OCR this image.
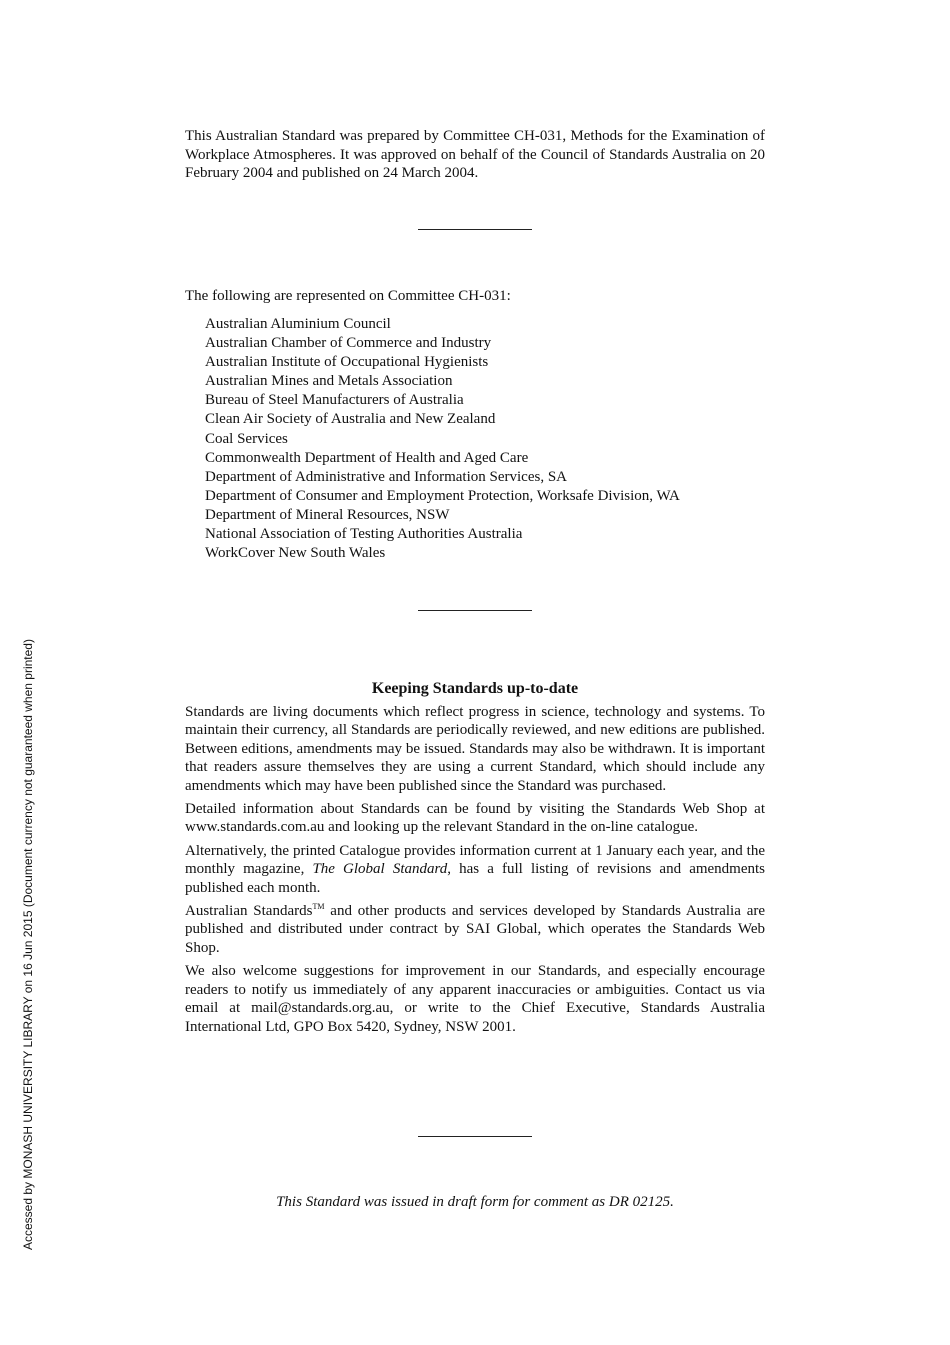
This Australian Standard was prepared by Committee CH-031, Methods for the Examination of Workplace Atmospheres. It was approved on behalf of the Council of Standards Australia on 20 February 2004 and published on 24 March 2004.
The following are represented on Committee CH-031:
Australian Aluminium Council
Australian Chamber of Commerce and Industry
Australian Institute of Occupational Hygienists
Australian Mines and Metals Association
Bureau of Steel Manufacturers of Australia
Clean Air Society of Australia and New Zealand
Coal Services
Commonwealth Department of Health and Aged Care
Department of Administrative and Information Services, SA
Department of Consumer and Employment Protection, Worksafe Division, WA
Department of Mineral Resources, NSW
National Association of Testing Authorities Australia
WorkCover New South Wales
Keeping Standards up-to-date

Standards are living documents which reflect progress in science, technology and systems. To maintain their currency, all Standards are periodically reviewed, and new editions are published. Between editions, amendments may be issued. Standards may also be withdrawn. It is important that readers assure themselves they are using a current Standard, which should include any amendments which may have been published since the Standard was purchased.

Detailed information about Standards can be found by visiting the Standards Web Shop at www.standards.com.au and looking up the relevant Standard in the on-line catalogue.

Alternatively, the printed Catalogue provides information current at 1 January each year, and the monthly magazine, The Global Standard, has a full listing of revisions and amendments published each month.

Australian Standards™ and other products and services developed by Standards Australia are published and distributed under contract by SAI Global, which operates the Standards Web Shop.

We also welcome suggestions for improvement in our Standards, and especially encourage readers to notify us immediately of any apparent inaccuracies or ambiguities. Contact us via email at mail@standards.org.au, or write to the Chief Executive, Standards Australia International Ltd, GPO Box 5420, Sydney, NSW 2001.

This Standard was issued in draft form for comment as DR 02125.
Accessed by MONASH UNIVERSITY LIBRARY on 16 Jun 2015 (Document currency not guaranteed when printed)
